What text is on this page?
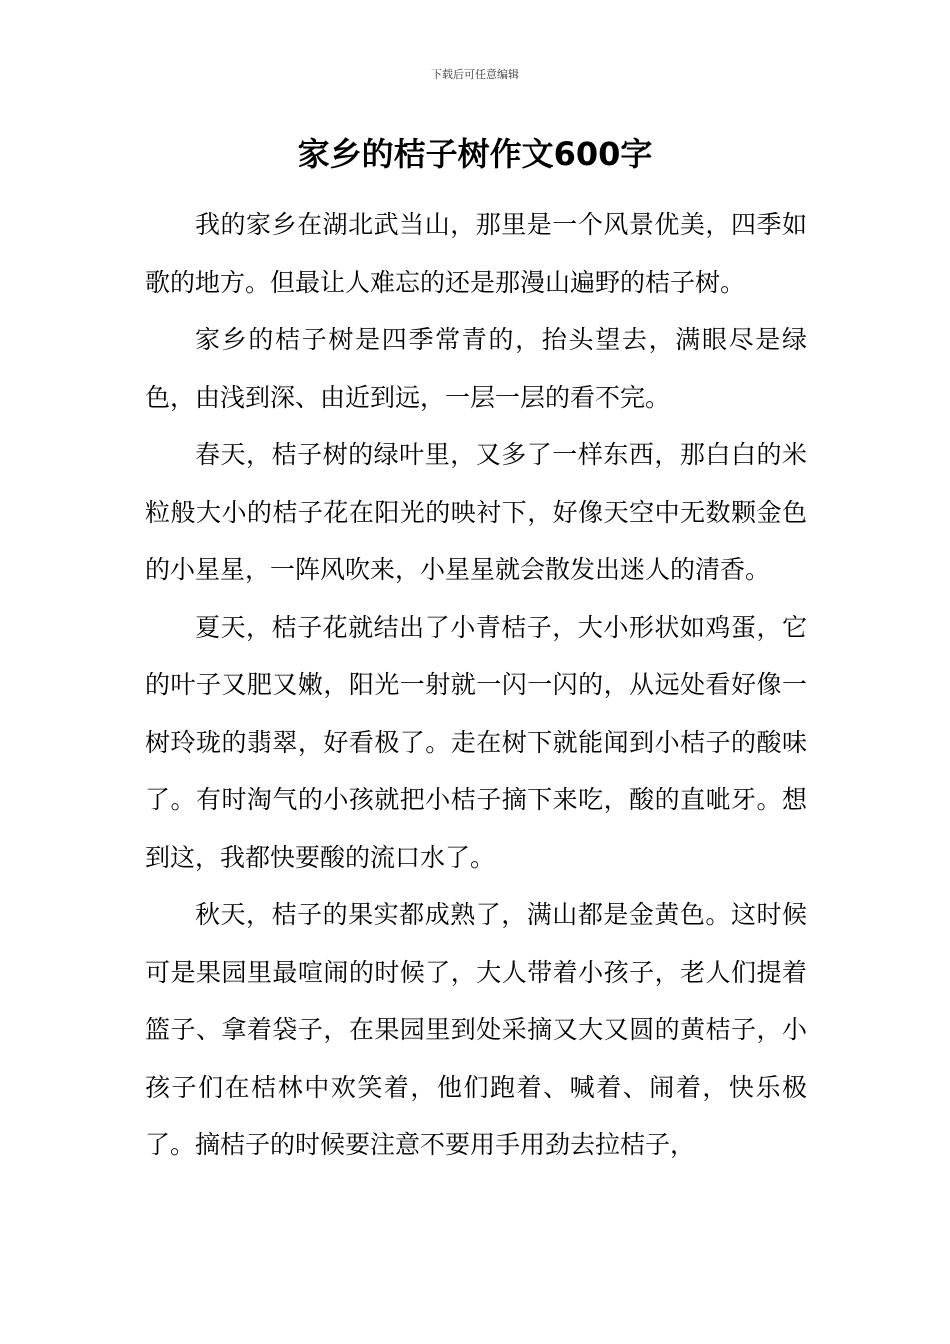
下载后可任意编辑
家乡的桔子树作文600字

我的家乡在湖北武当山，那里是一个风景优美，四季如歌的地方。但最让人难忘的还是那漫山遍野的桔子树。

家乡的桔子树是四季常青的，抬头望去，满眼尽是绿色，由浅到深、由近到远，一层一层的看不完。

春天，桔子树的绿叶里，又多了一样东西，那白白的米粒般大小的桔子花在阳光的映衬下，好像天空中无数颗金色的小星星，一阵风吹来，小星星就会散发出迷人的清香。

夏天，桔子花就结出了小青桔子，大小形状如鸡蛋，它的叶子又肥又嫩，阳光一射就一闪一闪的，从远处看好像一树玲珑的翡翠，好看极了。走在树下就能闻到小桔子的酸味了。有时淘气的小孩就把小桔子摘下来吃，酸的直呲牙。想到这，我都快要酸的流口水了。

秋天，桔子的果实都成熟了，满山都是金黄色。这时候可是果园里最喧闹的时候了，大人带着小孩子，老人们提着篮子、拿着袋子，在果园里到处采摘又大又圆的黄桔子，小孩子们在桔林中欢笑着，他们跑着、喊着、闹着，快乐极了。摘桔子的时候要注意不要用手用劲去拉桔子，
